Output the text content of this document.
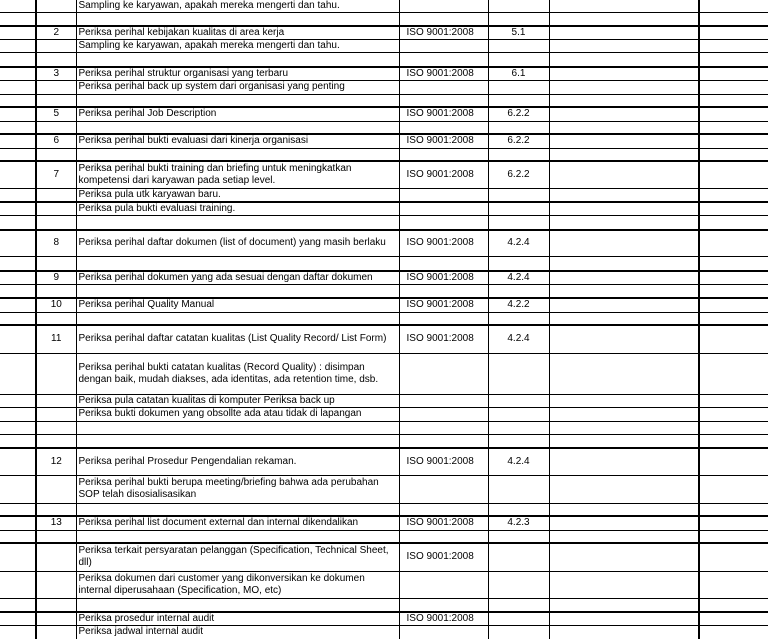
		Sampling ke karyawan, apakah mereka mengerti dan tahu.				

	2	Periksa perihal kebijakan kualitas di area kerja	ISO 9001:2008	5.1		
		Sampling ke karyawan, apakah mereka mengerti dan tahu.				

	3	Periksa perihal struktur organisasi yang terbaru	ISO 9001:2008	6.1		
		Periksa perihal back up system dari organisasi yang penting				

	5	Periksa perihal Job Description	ISO 9001:2008	6.2.2		

	6	Periksa perihal bukti evaluasi dari kinerja organisasi	ISO 9001:2008	6.2.2		

	7	Periksa perihal bukti training dan briefing untuk meningkatkan kompetensi dari karyawan pada setiap level.	ISO 9001:2008	6.2.2		
		Periksa pula utk karyawan baru.				
		Periksa pula bukti evaluasi training.				

	8	Periksa perihal daftar dokumen (list of document) yang masih berlaku	ISO 9001:2008	4.2.4		

	9	Periksa perihal dokumen yang ada sesuai dengan daftar dokumen	ISO 9001:2008	4.2.4		

	10	Periksa perihal Quality Manual	ISO 9001:2008	4.2.2		

	11	Periksa perihal daftar catatan kualitas (List Quality Record/ List Form)	ISO 9001:2008	4.2.4		
		Periksa perihal bukti catatan kualitas (Record Quality) : disimpan dengan baik, mudah diakses, ada identitas, ada retention time, dsb.				
		Periksa pula catatan kualitas di komputer Periksa back up				
		Periksa bukti dokumen yang obsollte ada atau tidak di lapangan				

	12	Periksa perihal Prosedur Pengendalian rekaman.	ISO 9001:2008	4.2.4		
		Periksa perihal bukti berupa meeting/briefing bahwa ada perubahan SOP telah disosialisasikan				

	13	Periksa perihal list document external dan internal dikendalikan	ISO 9001:2008	4.2.3		

		Periksa terkait persyaratan pelanggan (Specification, Technical Sheet, dll)	ISO 9001:2008			
		Periksa dokumen dari customer yang dikonversikan ke dokumen internal diperusahaan (Specification, MO, etc)				

		Periksa prosedur internal audit	ISO 9001:2008			
		Periksa jadwal internal audit				
